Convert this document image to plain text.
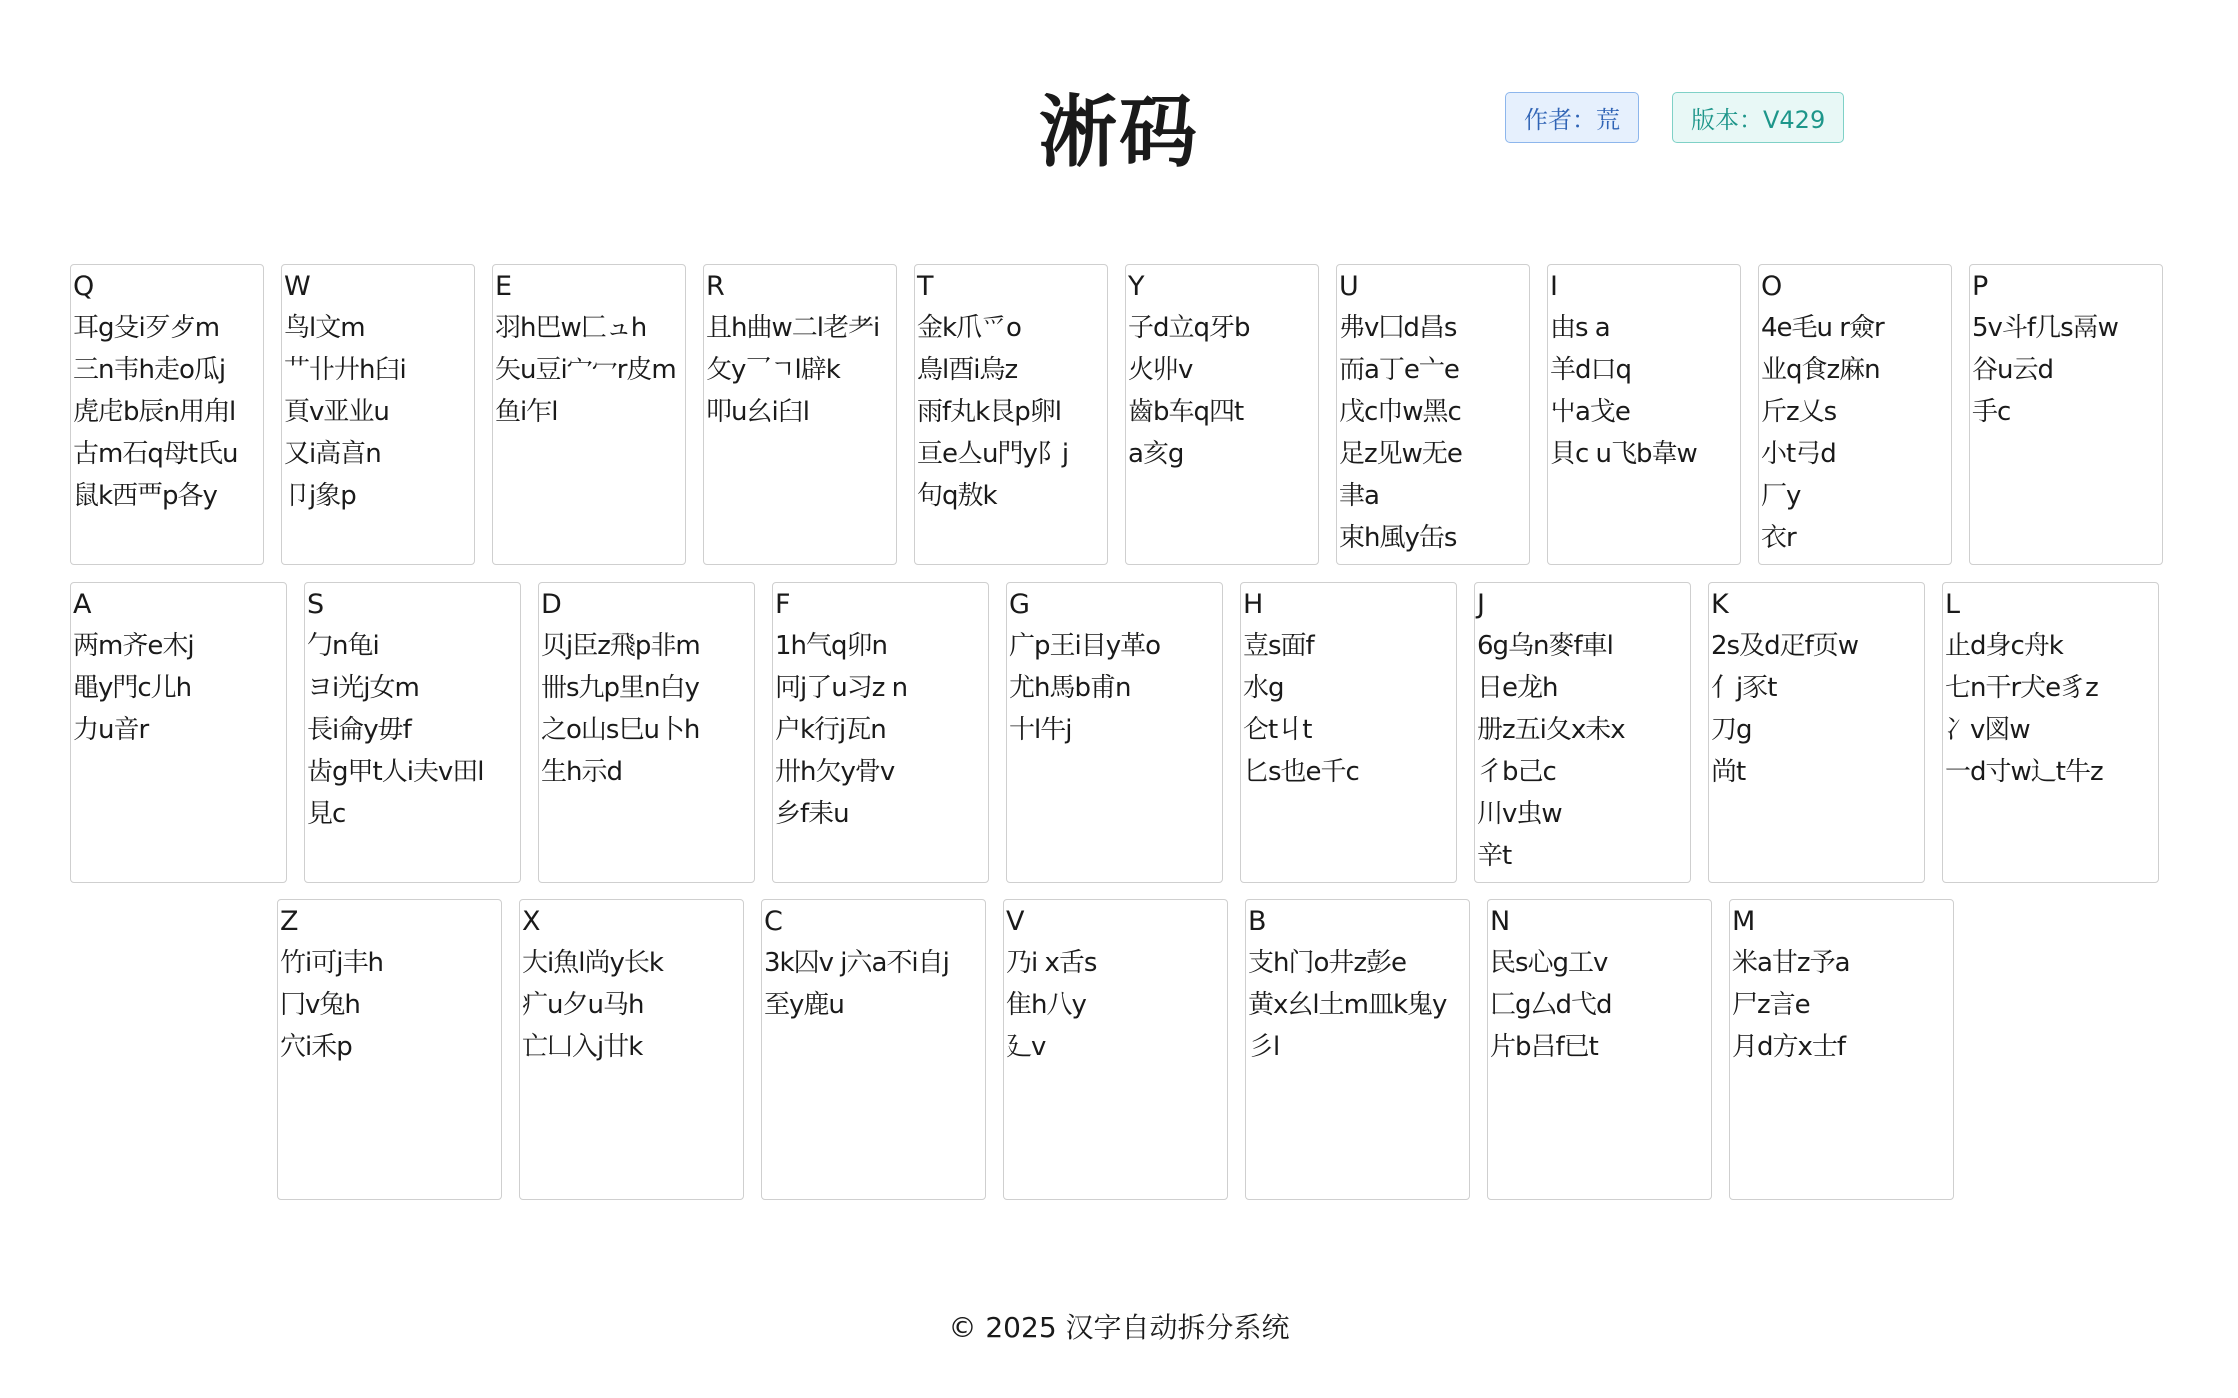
淅码	作者：荒	版本：V429
Q
耳g殳i歹歺m
三n韦h走o瓜j
虎虍b辰n用甪l
古m石q母t氏u
鼠k西覀p各y
W
鸟l文m
艹卝廾h臼i
頁v亚业u
又i高亯n
卩j象p
E
羽h巴w匚ュh
矢u豆i宀冖r皮m
鱼i乍l
R
且h曲w二l老耂i
攵y乛ㄱl辟k
叩u幺i臼l
T
金k爪爫o
鳥l酉i烏z
雨f丸k艮p卵l
亘e亼u門y阝j
句q敖k
Y
子d立q牙b
火丱v
齒b车q四t
a亥g
U
弗v囗d昌s
而a丁e亠e
戊c巾w黑c
足z见w无e
聿a
束h風y缶s
I
由s a
羊d口q
屮a戈e
貝c u飞b韋w
O
4e毛u r僉r
业q食z麻n
斤z乂s
小t弓d
厂y
衣r
P
5v斗f几s鬲w
谷u云d
手c
A
两m齐e木j
黽y門c儿h
力u音r
S
勹n龟i
ヨi光j女m
長i侖y毋f
齿g甲t人i夫v田l
見c
D
贝j臣z飛p非m
卌s九p里n白y
之o山s巳u卜h
生h示d
F
1h气q卯n
冋j了u习z n
户k行j瓦n
卅h欠y骨v
乡f耒u
G
广p王i目y革o
尤h馬b甫n
十l牛j
H
壴s面f
水g
仑t丩t
匕s也e千c
J
6g乌n麥f車l
日e龙h
册z五i夂x未x
彳b己c
川v虫w
辛t
K
2s及d疋f页w
亻j豕t
刀g
尚t
L
止d身c舟k
七n干r犬e豸z
冫v図w
一d寸w辶t牛z
Z
竹i可j丰h
冂v兔h
穴i禾p
X
大i魚l尚y长k
疒u夕u马h
亡凵入j廿k
C
3k囚v j六a不i自j
至y鹿u
V
乃i x舌s
隹h八y
廴v
B
支h门o井z彭e
黄x幺l土m皿k鬼y
彡l
N
民s心g工v
匚g厶d弋d
片b吕f已t
M
米a甘z予a
尸z言e
月d方x士f
© 2025 汉字自动拆分系统
